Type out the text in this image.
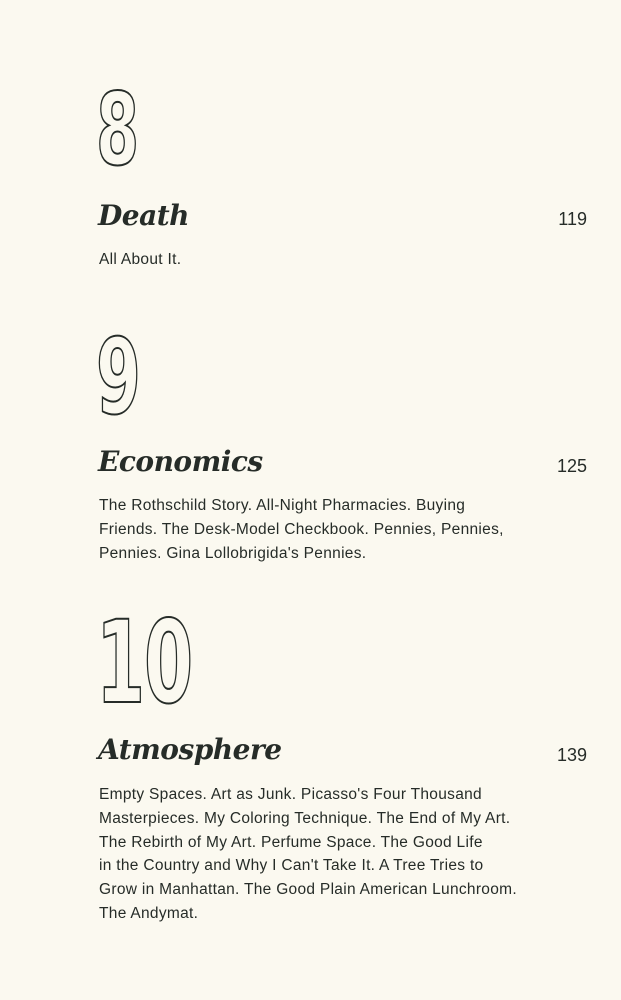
8
Death	119
All About It.
9
Economics	125
The Rothschild Story. All-Night Pharmacies. Buying
Friends. The Desk-Model Checkbook. Pennies, Pennies,
Pennies. Gina Lollobrigida's Pennies.
10
Atmosphere	139
Empty Spaces. Art as Junk. Picasso's Four Thousand
Masterpieces. My Coloring Technique. The End of My Art.
The Rebirth of My Art. Perfume Space. The Good Life
in the Country and Why I Can't Take It. A Tree Tries to
Grow in Manhattan. The Good Plain American Lunchroom.
The Andymat.
